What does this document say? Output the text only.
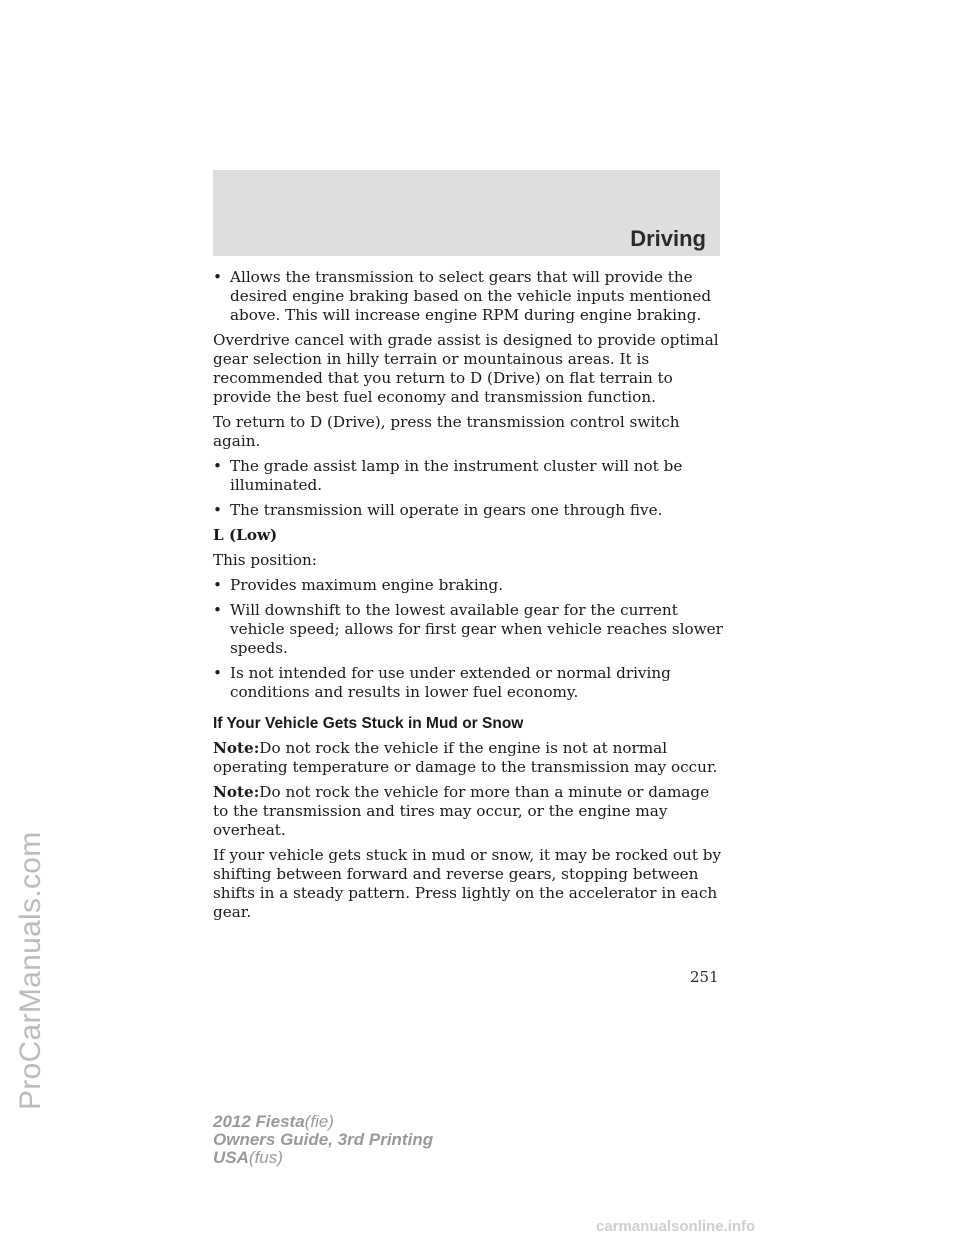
ProCarManuals.com
Driving
• Allows the transmission to select gears that will provide the desired engine braking based on the vehicle inputs mentioned above. This will increase engine RPM during engine braking.

Overdrive cancel with grade assist is designed to provide optimal gear selection in hilly terrain or mountainous areas. It is recommended that you return to D (Drive) on flat terrain to provide the best fuel economy and transmission function.

To return to D (Drive), press the transmission control switch again.

• The grade assist lamp in the instrument cluster will not be illuminated.
• The transmission will operate in gears one through five.
L (Low)

This position:

• Provides maximum engine braking.
• Will downshift to the lowest available gear for the current vehicle speed; allows for first gear when vehicle reaches slower speeds.
• Is not intended for use under extended or normal driving conditions and results in lower fuel economy.
If Your Vehicle Gets Stuck in Mud or Snow

Note:Do not rock the vehicle if the engine is not at normal operating temperature or damage to the transmission may occur.

Note:Do not rock the vehicle for more than a minute or damage to the transmission and tires may occur, or the engine may overheat.

If your vehicle gets stuck in mud or snow, it may be rocked out by shifting between forward and reverse gears, stopping between shifts in a steady pattern. Press lightly on the accelerator in each gear.

251
2012 Fiesta(fie)
Owners Guide, 3rd Printing
USA(fus)
carmanualsonline.info
